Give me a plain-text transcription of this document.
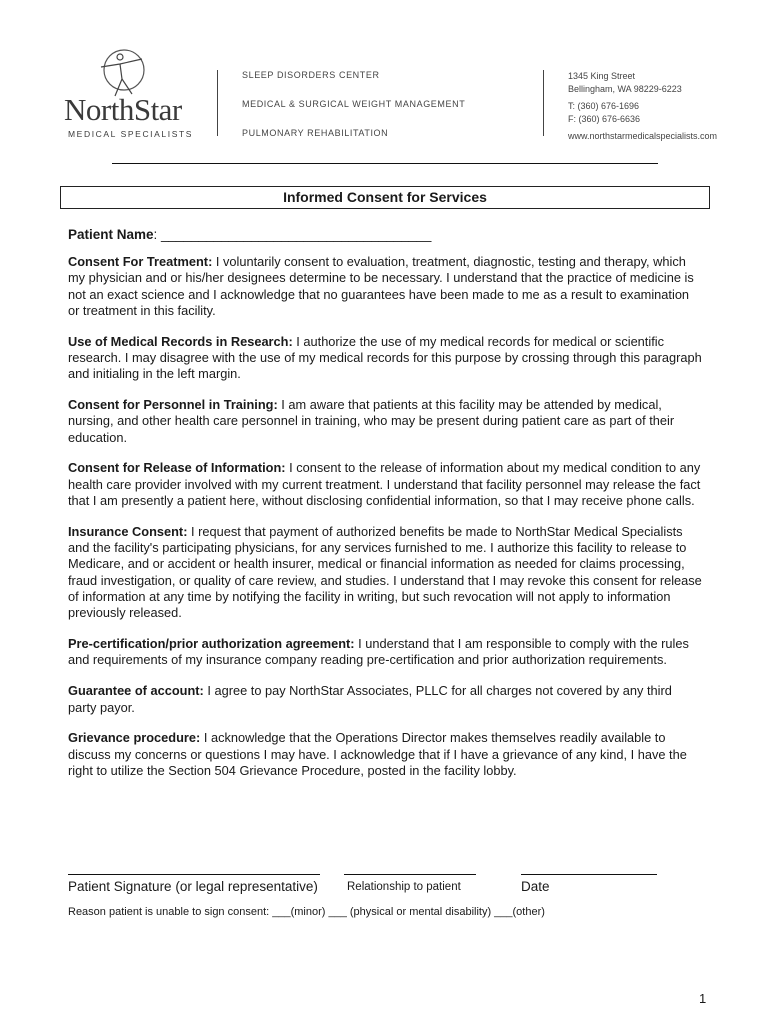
NorthStar
MEDICAL SPECIALISTS
SLEEP DISORDERS CENTER
MEDICAL & SURGICAL WEIGHT MANAGEMENT
PULMONARY REHABILITATION
1345 King Street
Bellingham, WA 98229-6223
T: (360) 676-1696
F: (360) 676-6636
www.northstarmedicalspecialists.com
Informed Consent for Services
Patient Name: ____________________________________

Consent For Treatment: I voluntarily consent to evaluation, treatment, diagnostic, testing and therapy, which my physician and or his/her designees determine to be necessary. I understand that the practice of medicine is not an exact science and I acknowledge that no guarantees have been made to me as a result to examination or treatment in this facility.

Use of Medical Records in Research: I authorize the use of my medical records for medical or scientific research. I may disagree with the use of my medical records for this purpose by crossing through this paragraph and initialing in the left margin.

Consent for Personnel in Training: I am aware that patients at this facility may be attended by medical, nursing, and other health care personnel in training, who may be present during patient care as part of their education.

Consent for Release of Information: I consent to the release of information about my medical condition to any health care provider involved with my current treatment. I understand that facility personnel may release the fact that I am presently a patient here, without disclosing confidential information, so that I may receive phone calls.

Insurance Consent: I request that payment of authorized benefits be made to NorthStar Medical Specialists and the facility's participating physicians, for any services furnished to me. I authorize this facility to release to Medicare, and or accident or health insurer, medical or financial information as needed for claims processing, fraud investigation, or quality of care review, and studies. I understand that I may revoke this consent for release of information at any time by notifying the facility in writing, but such revocation will not apply to information previously released.

Pre-certification/prior authorization agreement: I understand that I am responsible to comply with the rules and requirements of my insurance company reading pre-certification and prior authorization requirements.

Guarantee of account: I agree to pay NorthStar Associates, PLLC for all charges not covered by any third party payor.

Grievance procedure: I acknowledge that the Operations Director makes themselves readily available to discuss my concerns or questions I may have. I acknowledge that if I have a grievance of any kind, I have the right to utilize the Section 504 Grievance Procedure, posted in the facility lobby.

Patient Signature (or legal representative)	Relationship to patient	Date
Reason patient is unable to sign consent: ___(minor) ___ (physical or mental disability) ___(other)
1
